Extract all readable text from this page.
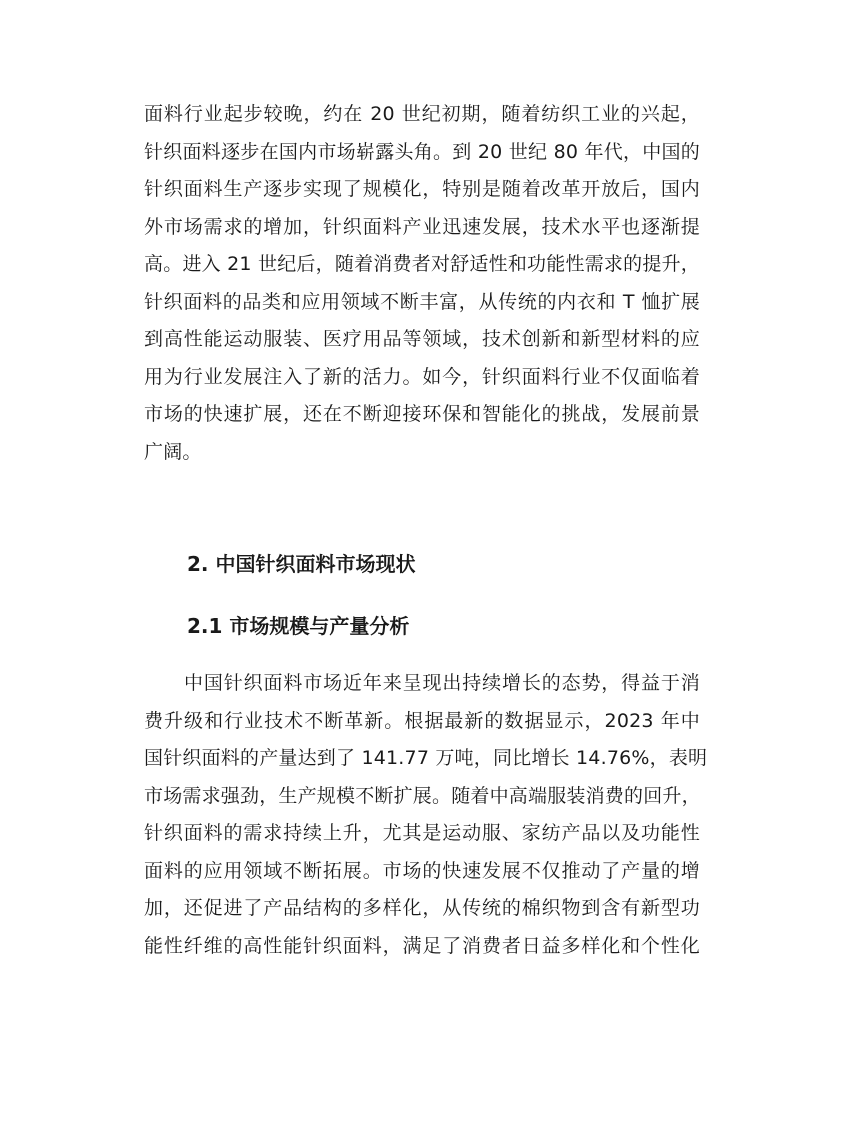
面料行业起步较晚，约在 20 世纪初期，随着纺织工业的兴起，
针织面料逐步在国内市场崭露头角。到 20 世纪 80 年代，中国的
针织面料生产逐步实现了规模化，特别是随着改革开放后，国内
外市场需求的增加，针织面料产业迅速发展，技术水平也逐渐提
高。进入 21 世纪后，随着消费者对舒适性和功能性需求的提升，
针织面料的品类和应用领域不断丰富，从传统的内衣和 T 恤扩展
到高性能运动服装、医疗用品等领域，技术创新和新型材料的应
用为行业发展注入了新的活力。如今，针织面料行业不仅面临着
市场的快速扩展，还在不断迎接环保和智能化的挑战，发展前景
广阔。
2. 中国针织面料市场现状
2.1 市场规模与产量分析
中国针织面料市场近年来呈现出持续增长的态势，得益于消
费升级和行业技术不断革新。根据最新的数据显示，2023 年中
国针织面料的产量达到了 141.77 万吨，同比增长 14.76%，表明
市场需求强劲，生产规模不断扩展。随着中高端服装消费的回升，
针织面料的需求持续上升，尤其是运动服、家纺产品以及功能性
面料的应用领域不断拓展。市场的快速发展不仅推动了产量的增
加，还促进了产品结构的多样化，从传统的棉织物到含有新型功
能性纤维的高性能针织面料，满足了消费者日益多样化和个性化
